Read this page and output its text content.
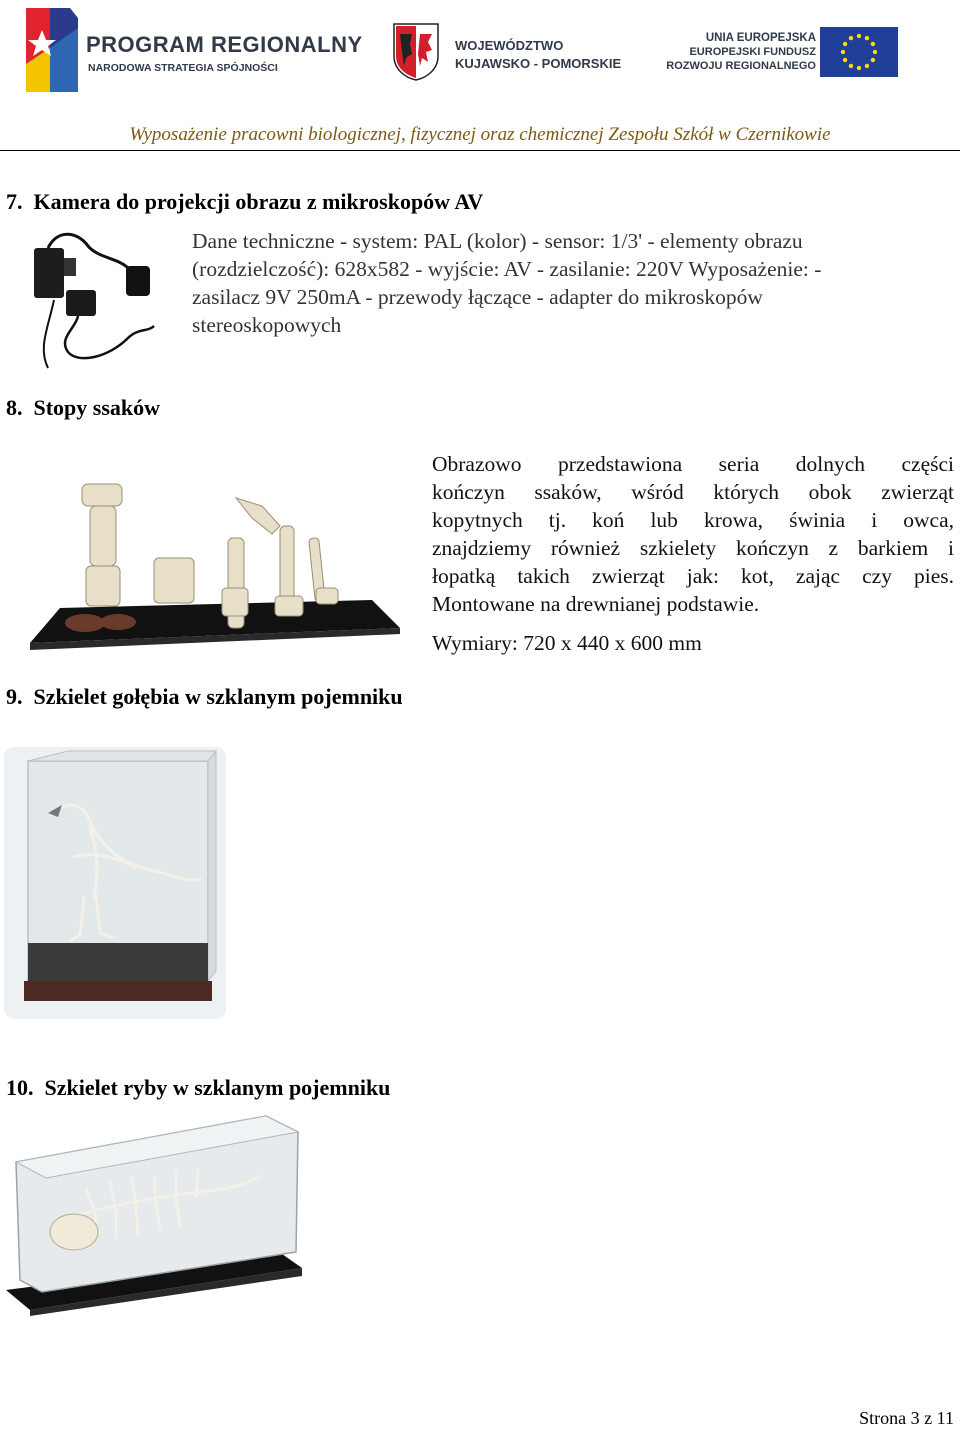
PROGRAM REGIONALNY
NARODOWA STRATEGIA SPÓJNOŚCI
WOJEWÓDZTWO
KUJAWSKO - POMORSKIE
UNIA EUROPEJSKA
EUROPEJSKI FUNDUSZ
ROZWOJU REGIONALNEGO
Wyposażenie pracowni biologicznej, fizycznej oraz chemicznej Zespołu Szkół w Czernikowie
7. Kamera do projekcji obrazu z mikroskopów AV
Dane techniczne - system: PAL (kolor) - sensor: 1/3' - elementy obrazu
(rozdzielczość): 628x582 - wyjście: AV - zasilanie: 220V Wyposażenie: -
zasilacz 9V 250mA - przewody łączące - adapter do mikroskopów
stereoskopowych
8. Stopy ssaków
Obrazowo przedstawiona seria dolnych części
kończyn ssaków, wśród których obok zwierząt
kopytnych tj. koń lub krowa, świnia i owca,
znajdziemy również szkielety kończyn z barkiem i
łopatką takich zwierząt jak: kot, zając czy pies.
Montowane na drewnianej podstawie.
Wymiary: 720 x 440 x 600 mm
9. Szkielet gołębia w szklanym pojemniku
10. Szkielet ryby w szklanym pojemniku
Strona 3 z 11
